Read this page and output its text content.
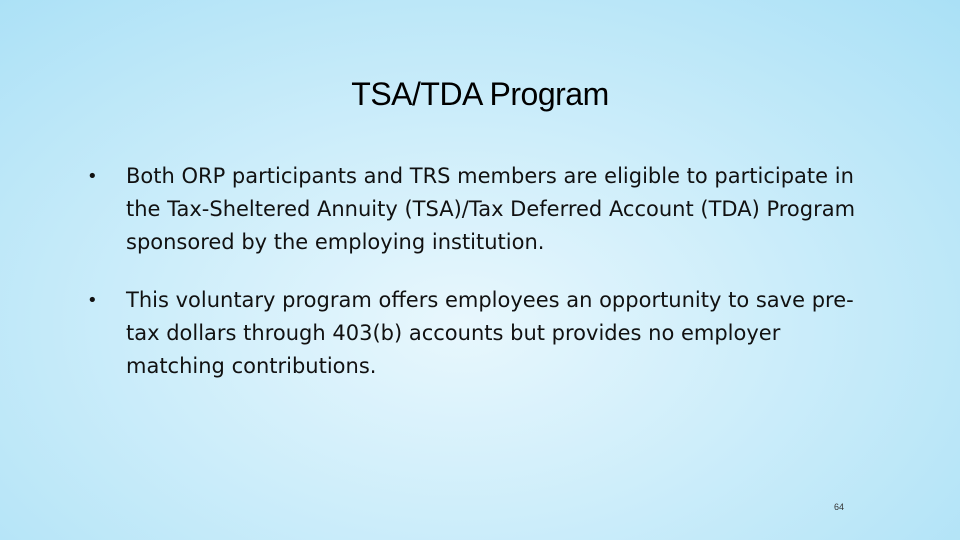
TSA/TDA Program
• Both ORP participants and TRS members are eligible to participate in the Tax-Sheltered Annuity (TSA)/Tax Deferred Account (TDA) Program sponsored by the employing institution.
• This voluntary program offers employees an opportunity to save pre-tax dollars through 403(b) accounts but provides no employer matching contributions.
64
